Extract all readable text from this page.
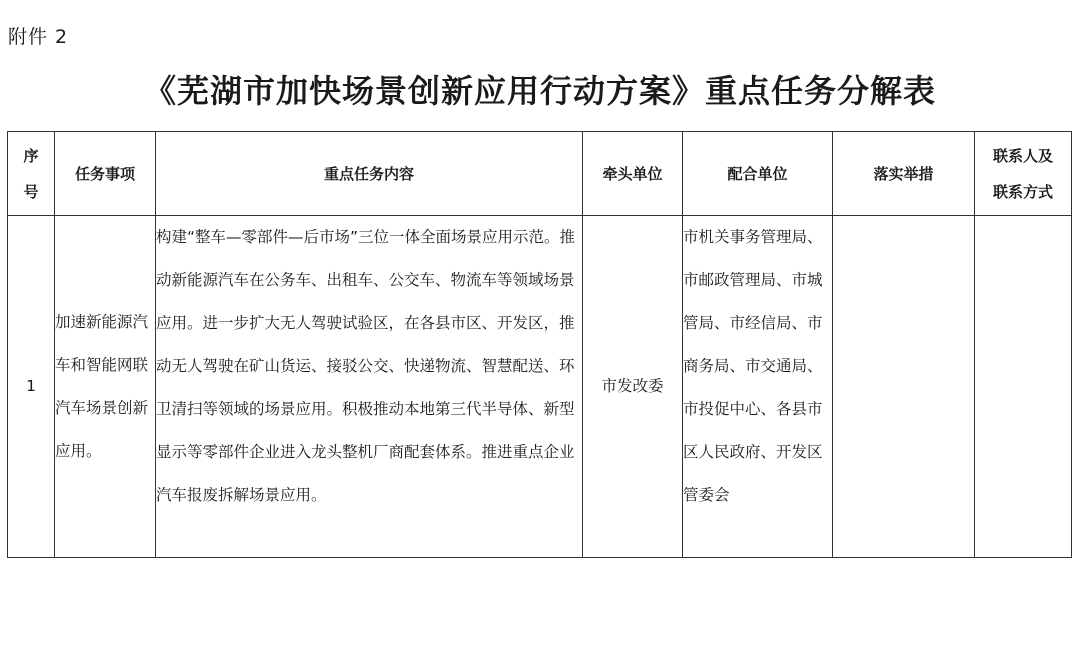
附件 2
《芜湖市加快场景创新应用行动方案》重点任务分解表
序号	任务事项	重点任务内容	牵头单位	配合单位	落实举措	联系人及联系方式

1	加速新能源汽车和智能网联汽车场景创新应用。	构建“整车—零部件—后市场”三位一体全面场景应用示范。推动新能源汽车在公务车、出租车、公交车、物流车等领域场景应用。进一步扩大无人驾驶试验区，在各县市区、开发区，推动无人驾驶在矿山货运、接驳公交、快递物流、智慧配送、环卫清扫等领域的场景应用。积极推动本地第三代半导体、新型显示等零部件企业进入龙头整机厂商配套体系。推进重点企业汽车报废拆解场景应用。	市发改委	市机关事务管理局、市邮政管理局、市城管局、市经信局、市商务局、市交通局、市投促中心、各县市区人民政府、开发区管委会		
